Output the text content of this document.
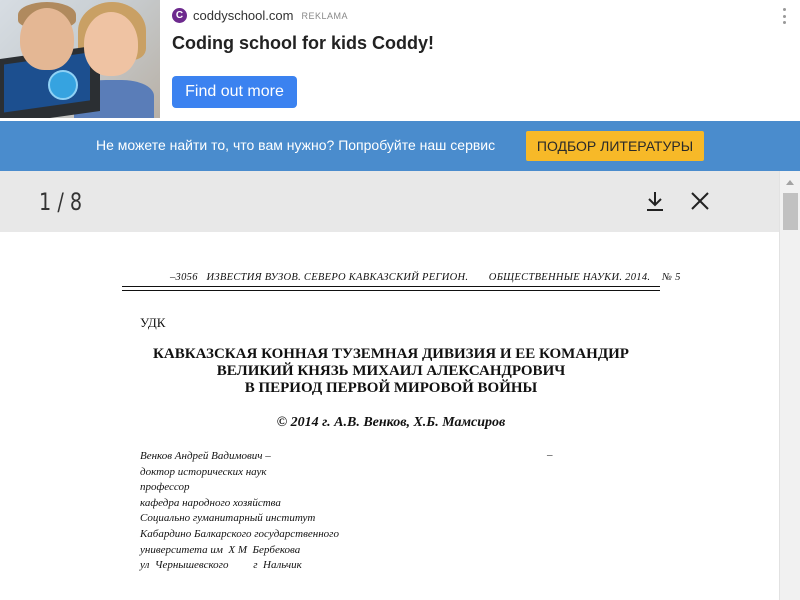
C coddyschool.com REKLAMA
Coding school for kids Coddy!
Find out more
Не можете найти то, что вам нужно? Попробуйте наш сервис	ПОДБОР ЛИТЕРАТУРЫ
1 / 8
–3056   ИЗВЕСТИЯ ВУЗОВ. СЕВЕРО КАВКАЗСКИЙ РЕГИОН.       ОБЩЕСТВЕННЫЕ НАУКИ. 2014.    № 5
УДК
КАВКАЗСКАЯ КОННАЯ ТУЗЕМНАЯ ДИВИЗИЯ И ЕЕ КОМАНДИР
ВЕЛИКИЙ КНЯЗЬ МИХАИЛ АЛЕКСАНДРОВИЧ
В ПЕРИОД ПЕРВОЙ МИРОВОЙ ВОЙНЫ
© 2014 г. А.В. Венков, Х.Б. Мамсиров
Венков Андрей Вадимович –
доктор исторических наук
профессор
кафедра народного хозяйства
Социально гуманитарный институт
Кабардино Балкарского государственного
университета им  Х М  Бербекова
ул  Чернышевского         г  Нальчик
–
